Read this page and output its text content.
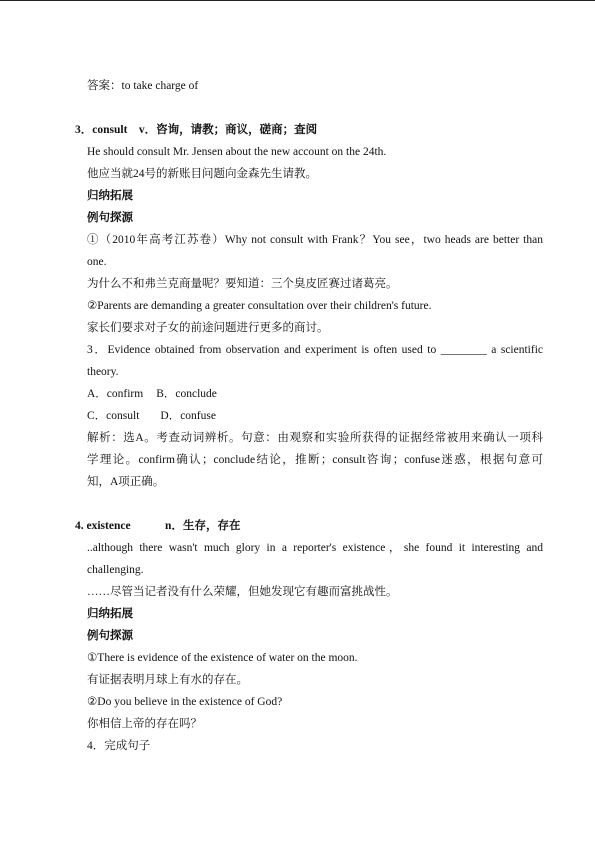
答案：to take charge of
3．consult　v．咨询，请教；商议，磋商；查阅
He should consult Mr. Jensen about the new account on the 24th.
他应当就24号的新账目问题向金森先生请教。
归纳拓展
例句探源
①（2010年高考江苏卷）Why not consult with Frank？You see，two heads are better than
one.
为什么不和弗兰克商量呢？要知道：三个臭皮匠赛过诸葛亮。
②Parents are demanding a greater consultation over their children's future.
家长们要求对子女的前途问题进行更多的商讨。
3．Evidence obtained from observation and experiment is often used to ________ a scientific
theory.
A．confirm B．conclude
C．consult D．confuse
解析：选A。考查动词辨析。句意：由观察和实验所获得的证据经常被用来确认一项科
学理论。confirm确认；conclude结论，推断；consult咨询；confuse迷惑，根据句意可
知，A项正确。
4. existence　　　n．生存，存在
..although there wasn't much glory in a reporter's existence，she found it interesting and
challenging.
……尽管当记者没有什么荣耀，但她发现它有趣而富挑战性。
归纳拓展
例句探源
①There is evidence of the existence of water on the moon.
有证据表明月球上有水的存在。
②Do you believe in the existence of God?
你相信上帝的存在吗？
4．完成句子
